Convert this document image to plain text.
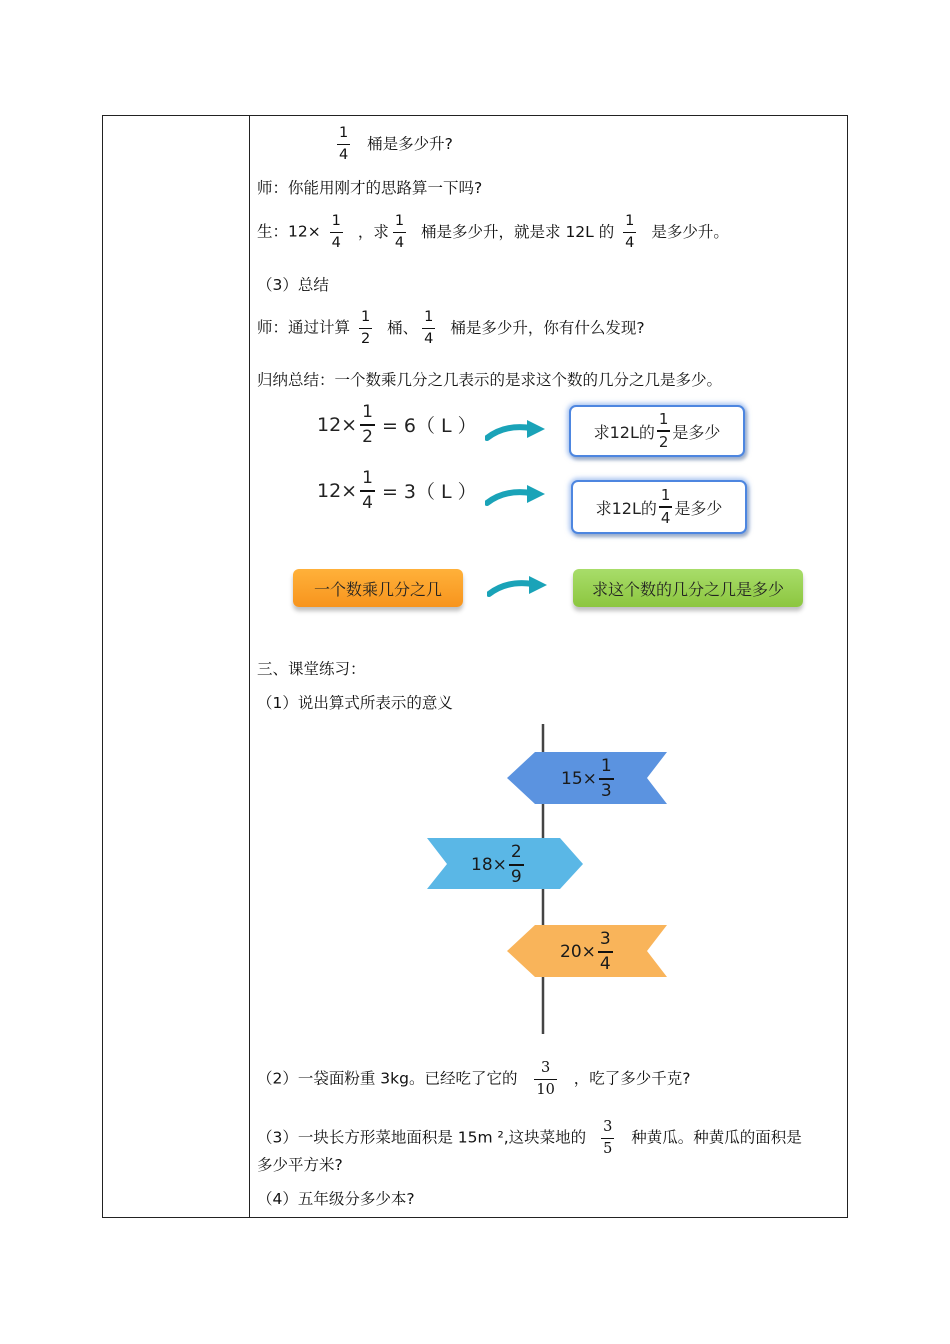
$\frac{1}{4}$ 桶是多少升?
师：你能用刚才的思路算一下吗?
生：$12\times \frac{1}{4}$ ，求 $\frac{1}{4}$ 桶是多少升，就是求 12L 的 $\frac{1}{4}$ 是多少升。
（3）总结
师：通过计算 $\frac{1}{2}$ 桶、 $\frac{1}{4}$ 桶是多少升，你有什么发现?
归纳总结：一个数乘几分之几表示的是求这个数的几分之几是多少。
$12\times \frac{1}{2} = 6$（ L ）	求12L的 $\frac{1}{2}$ 是多少
$12\times \frac{1}{4} = 3$（ L ）
求12L的 $\frac{1}{4}$ 是多少
一个数乘几分之几	求这个数的几分之几是多少
三、课堂练习：
（1）说出算式所表示的意义
$15\times \frac{1}{3}$
$18\times \frac{2}{9}$
$20\times \frac{3}{4}$
（2）一袋面粉重 3kg。已经吃了它的 $\frac{3}{10}$ ，吃了多少千克?
（3）一块长方形菜地面积是 15m ²,这块菜地的 $\frac{3}{5}$ 种黄瓜。种黄瓜的面积是
多少平方米?
（4）五年级分多少本?
